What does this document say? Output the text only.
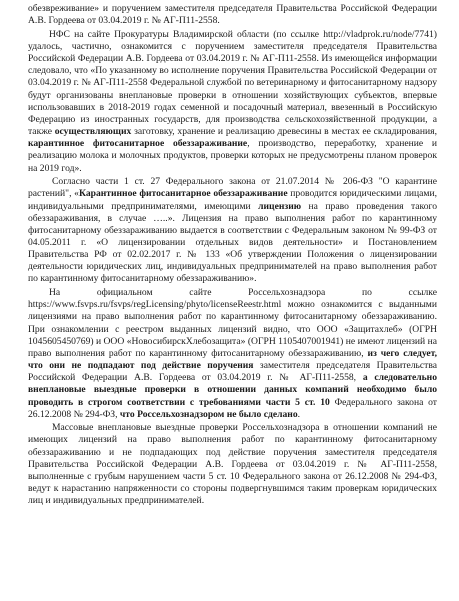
обезвреживание» и поручением заместителя председателя Правительства Российской Федерации А.В. Гордеева от 03.04.2019 г. № АГ-П11-2558.

НФС на сайте Прокуратуры Владимирской области (по ссылке http://vladprok.ru/node/7741) удалось, частично, ознакомится с поручением заместителя председателя Правительства Российской Федерации А.В. Гордеева от 03.04.2019 г. № АГ-П11-2558. Из имеющейся информации следовало, что «По указанному во исполнение поручения Правительства Российской Федерации от 03.04.2019 г. № АГ-П11-2558 Федеральной службой по ветеринарному и фитосанитарному надзору будут организованы внеплановые проверки в отношении хозяйствующих субъектов, впервые использовавших в 2018-2019 годах семенной и посадочный материал, ввезенный в Российскую Федерацию из иностранных государств, для производства сельскохозяйственной продукции, а также осуществляющих заготовку, хранение и реализацию древесины в местах ее складирования, карантинное фитосанитарное обеззараживание, производство, переработку, хранение и реализацию молока и молочных продуктов, проверки которых не предусмотрены планом проверок на 2019 год».

Согласно части 1 ст. 27 Федерального закона от 21.07.2014 № 206-ФЗ "О карантине растений", «Карантинное фитосанитарное обеззараживание проводится юридическими лицами, индивидуальными предпринимателями, имеющими лицензию на право проведения такого обеззараживания, в случае …..». Лицензия на право выполнения работ по карантинному фитосанитарному обеззараживанию выдается в соответствии с Федеральным законом № 99-ФЗ от 04.05.2011 г. «О лицензировании отдельных видов деятельности» и Постановлением Правительства РФ от 02.02.2017 г. № 133 «Об утверждении Положения о лицензировании деятельности юридических лиц, индивидуальных предпринимателей на право выполнения работ по карантинному фитосанитарному обеззараживанию».

На официальном сайте Россельхознадзора по ссылке https://www.fsvps.ru/fsvps/regLicensing/phyto/licenseReestr.html можно ознакомится с выданными лицензиями на право выполнения работ по карантинному фитосанитарному обеззараживанию. При ознакомлении с реестром выданных лицензий видно, что ООО «Защитахлеб» (ОГРН 1045605450769) и ООО «НовосибирскХлебозащита» (ОГРН 1105407001941) не имеют лицензий на право выполнения работ по карантинному фитосанитарному обеззараживанию, из чего следует, что они не подпадают под действие поручения заместителя председателя Правительства Российской Федерации А.В. Гордеева от 03.04.2019 г. № АГ-П11-2558, а следовательно внеплановые выездные проверки в отношении данных компаний необходимо было проводить в строгом соответствии с требованиями части 5 ст. 10 Федерального закона от 26.12.2008 № 294-ФЗ, что Россельхознадзором не было сделано.

Массовые внеплановые выездные проверки Россельхознадзора в отношении компаний не имеющих лицензий на право выполнения работ по карантинному фитосанитарному обеззараживанию и не подпадающих под действие поручения заместителя председателя Правительства Российской Федерации А.В. Гордеева от 03.04.2019 г. № АГ-П11-2558, выполненные с грубым нарушением части 5 ст. 10 Федерального закона от 26.12.2008 № 294-ФЗ, ведут к нарастанию напряженности со стороны подвергнувшимся таким проверкам юридических лиц и индивидуальных предпринимателей.
